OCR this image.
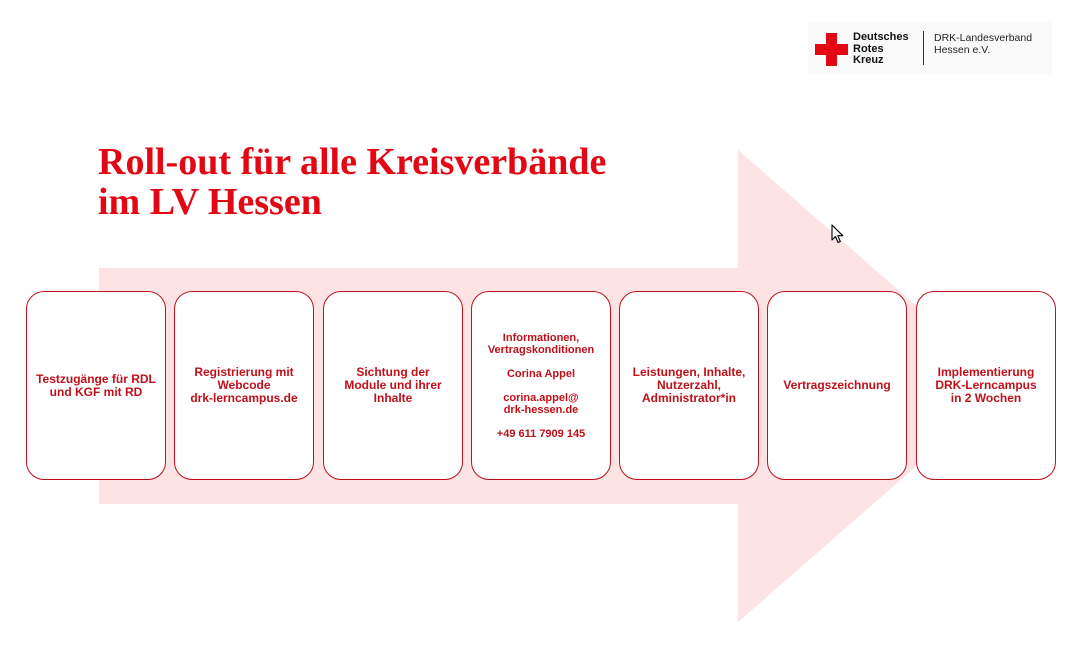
Deutsches
Rotes
Kreuz
DRK-Landesverband
Hessen e.V.
Roll-out für alle Kreisverbände
im LV Hessen
Testzugänge für RDL
und KGF mit RD
Registrierung mit
Webcode
drk-lerncampus.de
Sichtung der
Module und ihrer
Inhalte
Informationen,
Vertragskonditionen
Corina Appel
corina.appel@
drk-hessen.de
+49 611 7909 145
Leistungen, Inhalte,
Nutzerzahl,
Administrator*in
Vertragszeichnung
Implementierung
DRK-Lerncampus
in 2 Wochen
